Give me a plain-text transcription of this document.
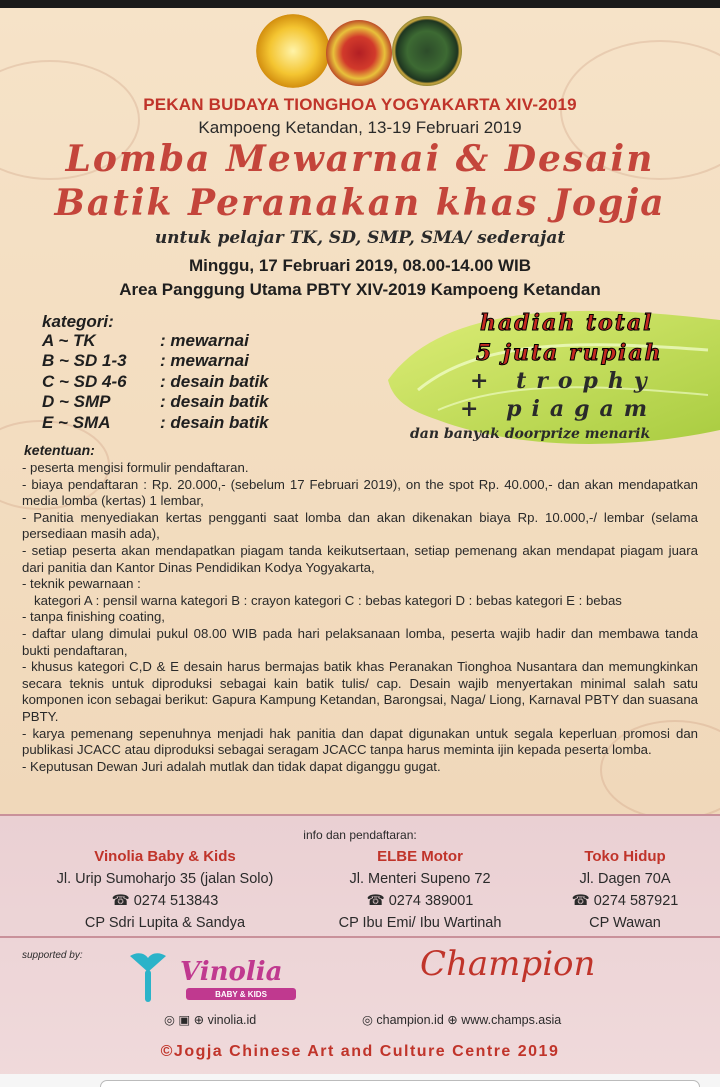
PEKAN BUDAYA TIONGHOA YOGYAKARTA XIV-2019
Kampoeng Ketandan, 13-19 Februari 2019
Lomba Mewarnai & Desain
Batik Peranakan khas Jogja
untuk pelajar TK, SD, SMP, SMA/ sederajat
Minggu, 17 Februari 2019, 08.00-14.00 WIB
Area Panggung Utama PBTY XIV-2019 Kampoeng Ketandan
kategori:
A ~ TK	: mewarnai
B ~ SD 1-3 : mewarnai
C ~ SD 4-6 : desain batik
D ~ SMP	: desain batik
E ~ SMA	: desain batik
hadiah total
5 juta rupiah
+ trophy
+ piagam
dan banyak doorprize menarik
ketentuan:
- peserta mengisi formulir pendaftaran.
- biaya pendaftaran : Rp. 20.000,- (sebelum 17 Februari 2019), on the spot Rp. 40.000,- dan akan mendapatkan media lomba (kertas) 1 lembar,
- Panitia menyediakan kertas pengganti saat lomba dan akan dikenakan biaya Rp. 10.000,-/ lembar (selama persediaan masih ada),
- setiap peserta akan mendapatkan piagam tanda keikutsertaan, setiap pemenang akan mendapat piagam juara dari panitia dan Kantor Dinas Pendidikan Kodya Yogyakarta,
- teknik pewarnaan :
kategori A : pensil warna kategori B : crayon kategori C : bebas kategori D : bebas kategori E : bebas
- tanpa finishing coating,
- daftar ulang dimulai pukul 08.00 WIB pada hari pelaksanaan lomba, peserta wajib hadir dan membawa tanda bukti pendaftaran,
- khusus kategori C,D & E desain harus bermajas batik khas Peranakan Tionghoa Nusantara dan memungkinkan secara teknis untuk diproduksi sebagai kain batik tulis/ cap. Desain wajib menyertakan minimal salah satu komponen icon sebagai berikut: Gapura Kampung Ketandan, Barongsai, Naga/ Liong, Karnaval PBTY dan suasana PBTY.
- karya pemenang sepenuhnya menjadi hak panitia dan dapat digunakan untuk segala keperluan promosi dan publikasi JCACC atau diproduksi sebagai seragam JCACC tanpa harus meminta ijin kepada peserta lomba.
- Keputusan Dewan Juri adalah mutlak dan tidak dapat diganggu gugat.
info dan pendaftaran:
Vinolia Baby & Kids
Jl. Urip Sumoharjo 35 (jalan Solo)
☎ 0274 513843
CP Sdri Lupita & Sandya
ELBE Motor
Jl. Menteri Supeno 72
☎ 0274 389001
CP Ibu Emi/ Ibu Wartinah
Toko Hidup
Jl. Dagen 70A
☎ 0274 587921
CP Wawan
supported by:
Vinolia
BABY & KIDS
Champion
◎ ▣ ⊕ vinolia.id	◎ champion.id ⊕ www.champs.asia
©Jogja Chinese Art and Culture Centre 2019
